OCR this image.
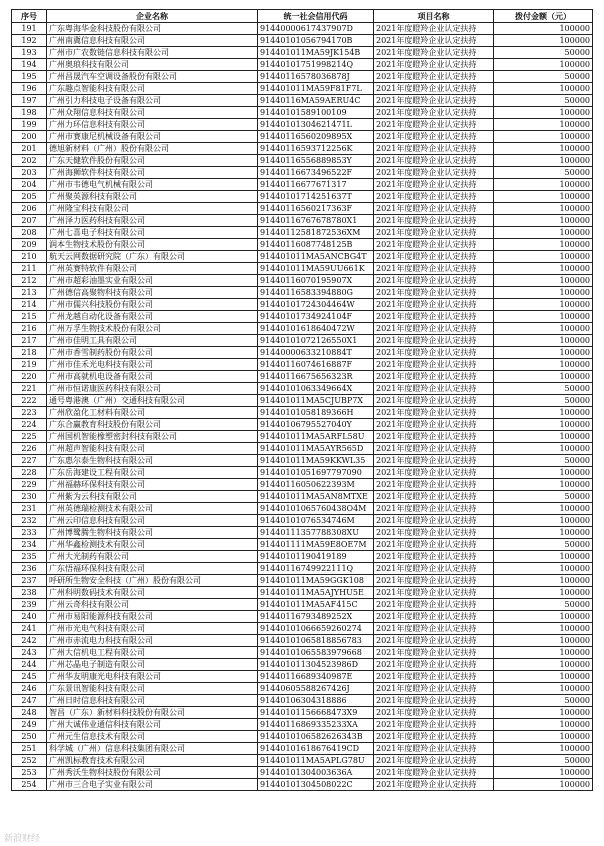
序号	企业名称	统一社会信用代码	项目名称	拨付金额（元）
191	广东粤海华金科技股份有限公司	91440000617437907D	2021年度瞪羚企业认定扶持	100000
192	广州南冀信息科技有限公司	91440101056794170B	2021年度瞪羚企业认定扶持	100000
193	广州市广农数链信息科技有限公司	914401011MA59JK154B	2021年度瞪羚企业认定扶持	50000
194	广州奥琅科技有限公司	91440101751998214Q	2021年度瞪羚企业认定扶持	100000
195	广州昌晟汽车空调设备股份有限公司	91440116578036878J	2021年度瞪羚企业认定扶持	50000
196	广东趣点智能科技有限公司	914401011MA59F81F7L	2021年度瞪羚企业认定扶持	100000
197	广州引力科技电子设备有限公司	91440116MA59AERU4C	2021年度瞪羚企业认定扶持	50000
198	广州众翔信息科技有限公司	91440101589100109	2021年度瞪羚企业认定扶持	100000
199	广州力环信息科技有限公司	91440101304621471L	2021年度瞪羚企业认定扶持	100000
200	广州市赛康尼机械设备有限公司	91440116560209895X	2021年度瞪羚企业认定扶持	100000
201	德旭新材料（广州）股份有限公司	91440116593712256K	2021年度瞪羚企业认定扶持	100000
202	广东天健软件股份有限公司	91440116556889853Y	2021年度瞪羚企业认定扶持	100000
203	广州海狮软件科技有限公司	91440116673496522F	2021年度瞪羚企业认定扶持	50000
204	广州市韦德电气机械有限公司	91440116677671317	2021年度瞪羚企业认定扶持	100000
205	广州聚英源科技有限公司	91440101714251637T	2021年度瞪羚企业认定扶持	100000
206	广州隆宝科技有限公司	91440116560217363F	2021年度瞪羚企业认定扶持	100000
207	广州泽力医药科技有限公司	91440116767678780X1	2021年度瞪羚企业认定扶持	100000
208	广州七喜电子科技有限公司	91440112581872536XM	2021年度瞪羚企业认定扶持	100000
209	润本生物技术股份有限公司	91440116087748125B	2021年度瞪羚企业认定扶持	100000
210	航天云网数据研究院（广东）有限公司	914401011MA5ANCBG4T	2021年度瞪羚企业认定扶持	100000
211	广州英赛特软件有限公司	914401011MA59UU661K	2021年度瞪羚企业认定扶持	100000
212	广州市超彩油墨实业有限公司	91440116070195907X	2021年度瞪羚企业认定扶持	100000
213	广州德信高聚物科技有限公司	91440116583394880G	2021年度瞪羚企业认定扶持	100000
214	广州市儒兴科技股份有限公司	91440101724304464W	2021年度瞪羚企业认定扶持	100000
215	广州龙越自动化设备有限公司	91440101734924104F	2021年度瞪羚企业认定扶持	100000
216	广州万孚生物技术股份有限公司	91440101618640472W	2021年度瞪羚企业认定扶持	100000
217	广州市佳明工具有限公司	91440101072126550X1	2021年度瞪羚企业认定扶持	100000
218	广州市香雪制药股份有限公司	91440000633210884T	2021年度瞪羚企业认定扶持	100000
219	广州市佳禾光电科技有限公司	91440116074616887F	2021年度瞪羚企业认定扶持	100000
220	广州市高就机电设备有限公司	91440116675656323R	2021年度瞪羚企业认定扶持	100000
221	广州市恒诺康医药科技有限公司	91440101063349664X	2021年度瞪羚企业认定扶持	50000
222	通号粤港澳（广州）交通科技有限公司	914401011MA5CJUBP7X	2021年度瞪羚企业认定扶持	50000
223	广州欣盈化工材料有限公司	91440101058189366H	2021年度瞪羚企业认定扶持	100000
224	广东合赢教育科技股份有限公司	91440106795527040Y	2021年度瞪羚企业认定扶持	100000
225	广州国机智能橡塑密封科技有限公司	914401011MA5ARFL58U	2021年度瞪羚企业认定扶持	100000
226	广州超声智能科技有限公司	914401011MA5AYR565D	2021年度瞪羚企业认定扶持	100000
227	广东惠尔泰生物科技有限公司	914401011MA59KKWL35	2021年度瞪羚企业认定扶持	50000
228	广东岳海建设工程有限公司	91440101051697797090	2021年度瞪羚企业认定扶持	100000
229	广州福赫环保科技有限公司	91440116050622393M	2021年度瞪羚企业认定扶持	100000
230	广州紫为云科技有限公司	914401011MA5AN8MTXE	2021年度瞪羚企业认定扶持	50000
231	广州英德瑞检测技术有限公司	91440101065760438O4M	2021年度瞪羚企业认定扶持	100000
232	广州云印信息科技有限公司	91440101076534746M	2021年度瞪羚企业认定扶持	100000
233	广州博鹭腾生物科技有限公司	91440111357788308XU	2021年度瞪羚企业认定扶持	100000
234	广州华鑫检测技术有限公司	914401111MA59E8OE7M	2021年度瞪羚企业认定扶持	50000
235	广州大光制药有限公司	91440101190419189	2021年度瞪羚企业认定扶持	100000
236	广东悟福环保科技有限公司	91440116749922111Q	2021年度瞪羚企业认定扶持	100000
237	呼研所生物安全科技（广州）股份有限公司	914401011MA59GGK108	2021年度瞪羚企业认定扶持	100000
238	广州科明数码技术有限公司	914401011MA5AJYHU5E	2021年度瞪羚企业认定扶持	100000
239	广州云奇科技有限公司	914401011MA5AF415C	2021年度瞪羚企业认定扶持	50000
240	广州市易阳能源科技有限公司	91440116793489252X	2021年度瞪羚企业认定扶持	100000
241	广州市光电气科技有限公司	91440101066659260274	2021年度瞪羚企业认定扶持	100000
242	广州市赤流电力科技有限公司	91440101065818856783	2021年度瞪羚企业认定扶持	100000
243	广州大信机电工程有限公司	91440101065583979668	2021年度瞪羚企业认定扶持	100000
244	广州芯晶电子制造有限公司	914401011304523986D	2021年度瞪羚企业认定扶持	100000
245	广州华友明康光电科技有限公司	91440116689340987E	2021年度瞪羚企业认定扶持	100000
246	广东景讯智能科技有限公司	91440605588267426J	2021年度瞪羚企业认定扶持	100000
247	广州日时信息科技有限公司	91440106304318886	2021年度瞪羚企业认定扶持	50000
248	智昌（广东）新材料科技股份有限公司	91440101156668473X9	2021年度瞪羚企业认定扶持	100000
249	广州大诚伟业通信科技有限公司	91440116869335233XA	2021年度瞪羚企业认定扶持	100000
250	广州元生信息技术有限公司	9144010106582626343B	2021年度瞪羚企业认定扶持	100000
251	科学城（广州）信息科技集团有限公司	91440101618676419CD	2021年度瞪羚企业认定扶持	100000
252	广州凯标教育技术有限公司	914401011MA5APLG78U	2021年度瞪羚企业认定扶持	50000
253	广州秀沃生物科技股份有限公司	91440101304003636A	2021年度瞪羚企业认定扶持	100000
254	广州市三合电子实业有限公司	91440101304508022C	2021年度瞪羚企业认定扶持	100000
新浪财经
